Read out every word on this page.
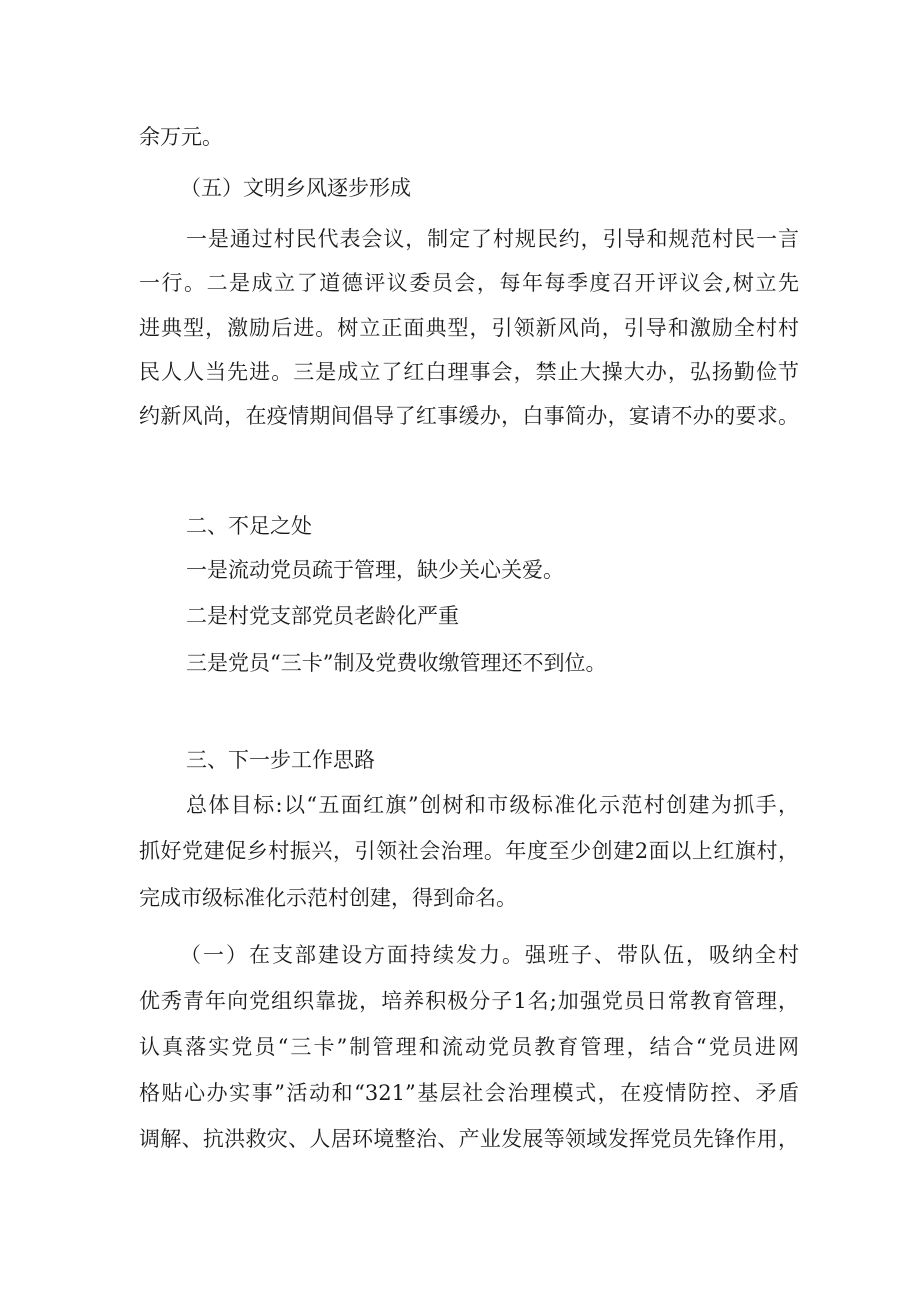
余万元。
（五）文明乡风逐步形成
一是通过村民代表会议，制定了村规民约，引导和规范村民一言
一行。二是成立了道德评议委员会，每年每季度召开评议会,树立先
进典型，激励后进。树立正面典型，引领新风尚，引导和激励全村村
民人人当先进。三是成立了红白理事会，禁止大操大办，弘扬勤俭节
约新风尚，在疫情期间倡导了红事缓办，白事简办，宴请不办的要求。
二、不足之处
一是流动党员疏于管理，缺少关心关爱。
二是村党支部党员老龄化严重
三是党员“三卡”制及党费收缴管理还不到位。
三、下一步工作思路
总体目标:以“五面红旗”创树和市级标准化示范村创建为抓手，
抓好党建促乡村振兴，引领社会治理。年度至少创建2面以上红旗村，
完成市级标准化示范村创建，得到命名。
（一）在支部建设方面持续发力。强班子、带队伍，吸纳全村
优秀青年向党组织靠拢，培养积极分子1名;加强党员日常教育管理，
认真落实党员“三卡”制管理和流动党员教育管理，结合“党员进网
格贴心办实事”活动和“321”基层社会治理模式，在疫情防控、矛盾
调解、抗洪救灾、人居环境整治、产业发展等领域发挥党员先锋作用，
